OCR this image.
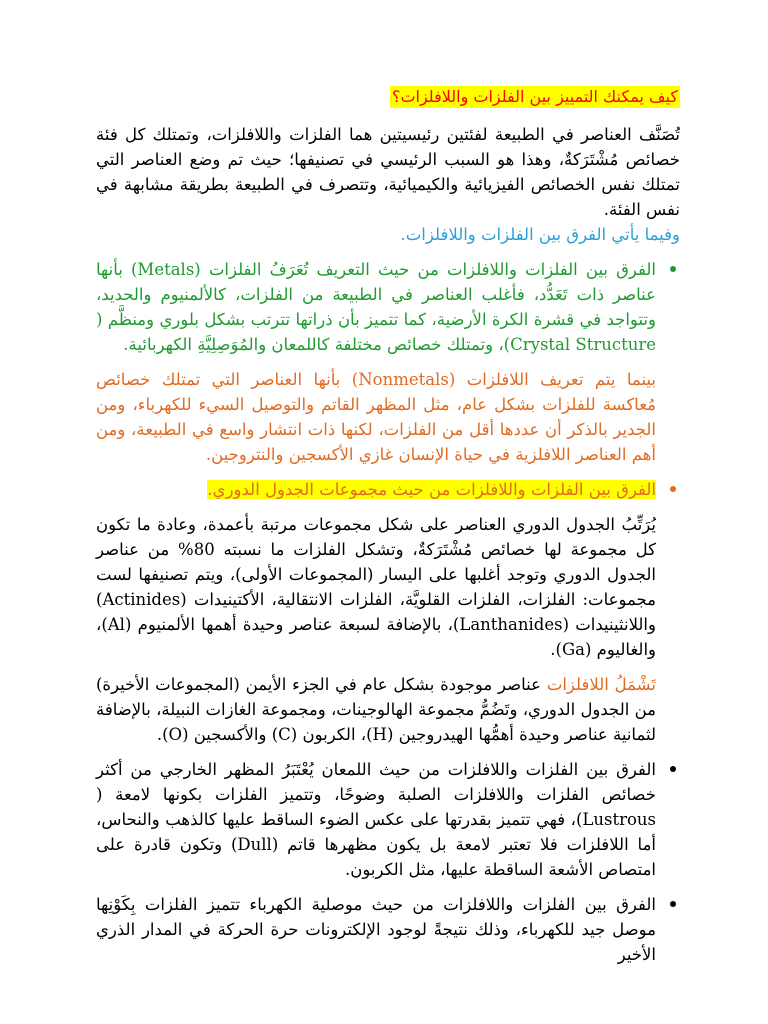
كيف يمكنك التمييز بين الفلزات واللافلزات؟

تُصَنَّف العناصر في الطبيعة لفئتين رئيسيتين هما الفلزات واللافلزات، وتمتلك كل فئة خصائص مُشْتَرَكةٌ، وهذا هو السبب الرئيسي في تصنيفها؛ حيث تم وضع العناصر التي تمتلك نفس الخصائص الفيزيائية والكيميائية، وتتصرف في الطبيعة بطريقة مشابهة في نفس الفئة.
وفيما يأتي الفرق بين الفلزات واللافلزات.

الفرق بين الفلزات واللافلزات من حيث التعريف تُعَرَفُ الفلزات (Metals) بأنها عناصر ذات تَعَدُّد، فأغلب العناصر في الطبيعة من الفلزات، كالألمنيوم والحديد، وتتواجد في قشرة الكرة الأرضية، كما تتميز بأن ذراتها تترتب بشكل بلوري ومنظَّم ( Crystal Structure)، وتمتلك خصائص مختلفة كاللمعان والمُوَصِلِيَّةِ الكهربائية.

بينما يتم تعريف اللافلزات (Nonmetals) بأنها العناصر التي تمتلك خصائص مُعاكسة للفلزات بشكل عام، مثل المظهر القاتم والتوصيل السيء للكهرباء، ومن الجدير بالذكر أن عددها أقل من الفلزات، لكنها ذات انتشار واسع في الطبيعة، ومن أهم العناصر اللافلزية في حياة الإنسان غازي الأكسجين والنتروجين.

الفرق بين الفلزات واللافلزات من حيث مجموعات الجدول الدوري.

يُرَتِّبُ الجدول الدوري العناصر على شكل مجموعات مرتبة بأعمدة، وعادة ما تكون كل مجموعة لها خصائص مُشْتَرَكةٌ، وتشكل الفلزات ما نسبته 80% من عناصر الجدول الدوري وتوجد أغلبها على اليسار (المجموعات الأولى)، ويتم تصنيفها لست مجموعات: الفلزات، الفلزات القلويَّة، الفلزات الانتقالية، الأكتينيدات (Actinides) واللانثينيدات (Lanthanides)، بالإضافة لسبعة عناصر وحيدة أهمها الألمنيوم (Al)، والغاليوم (Ga).

تَشْمَلُ اللافلزات عناصر موجودة بشكل عام في الجزء الأيمن (المجموعات الأخيرة) من الجدول الدوري، وتَضُمُّ مجموعة الهالوجينات، ومجموعة الغازات النبيلة، بالإضافة لثمانية عناصر وحيدة أهمُّها الهيدروجين (H)، الكربون (C) والأكسجين (O).

الفرق بين الفلزات واللافلزات من حيث اللمعان يُعْتَبَرُ المظهر الخارجي من أكثر خصائص الفلزات واللافلزات الصلبة وضوحًا، وتتميز الفلزات بكونها لامعة ( Lustrous)، فهي تتميز بقدرتها على عكس الضوء الساقط عليها كالذهب والنحاس، أما اللافلزات فلا تعتبر لامعة بل يكون مظهرها قاتم (Dull) وتكون قادرة على امتصاص الأشعة الساقطة عليها، مثل الكربون.
الفرق بين الفلزات واللافلزات من حيث موصلية الكهرباء تتميز الفلزات بِكَوْنِها موصل جيد للكهرباء، وذلك نتيجةً لوجود الإلكترونات حرة الحركة في المدار الذري الأخير
